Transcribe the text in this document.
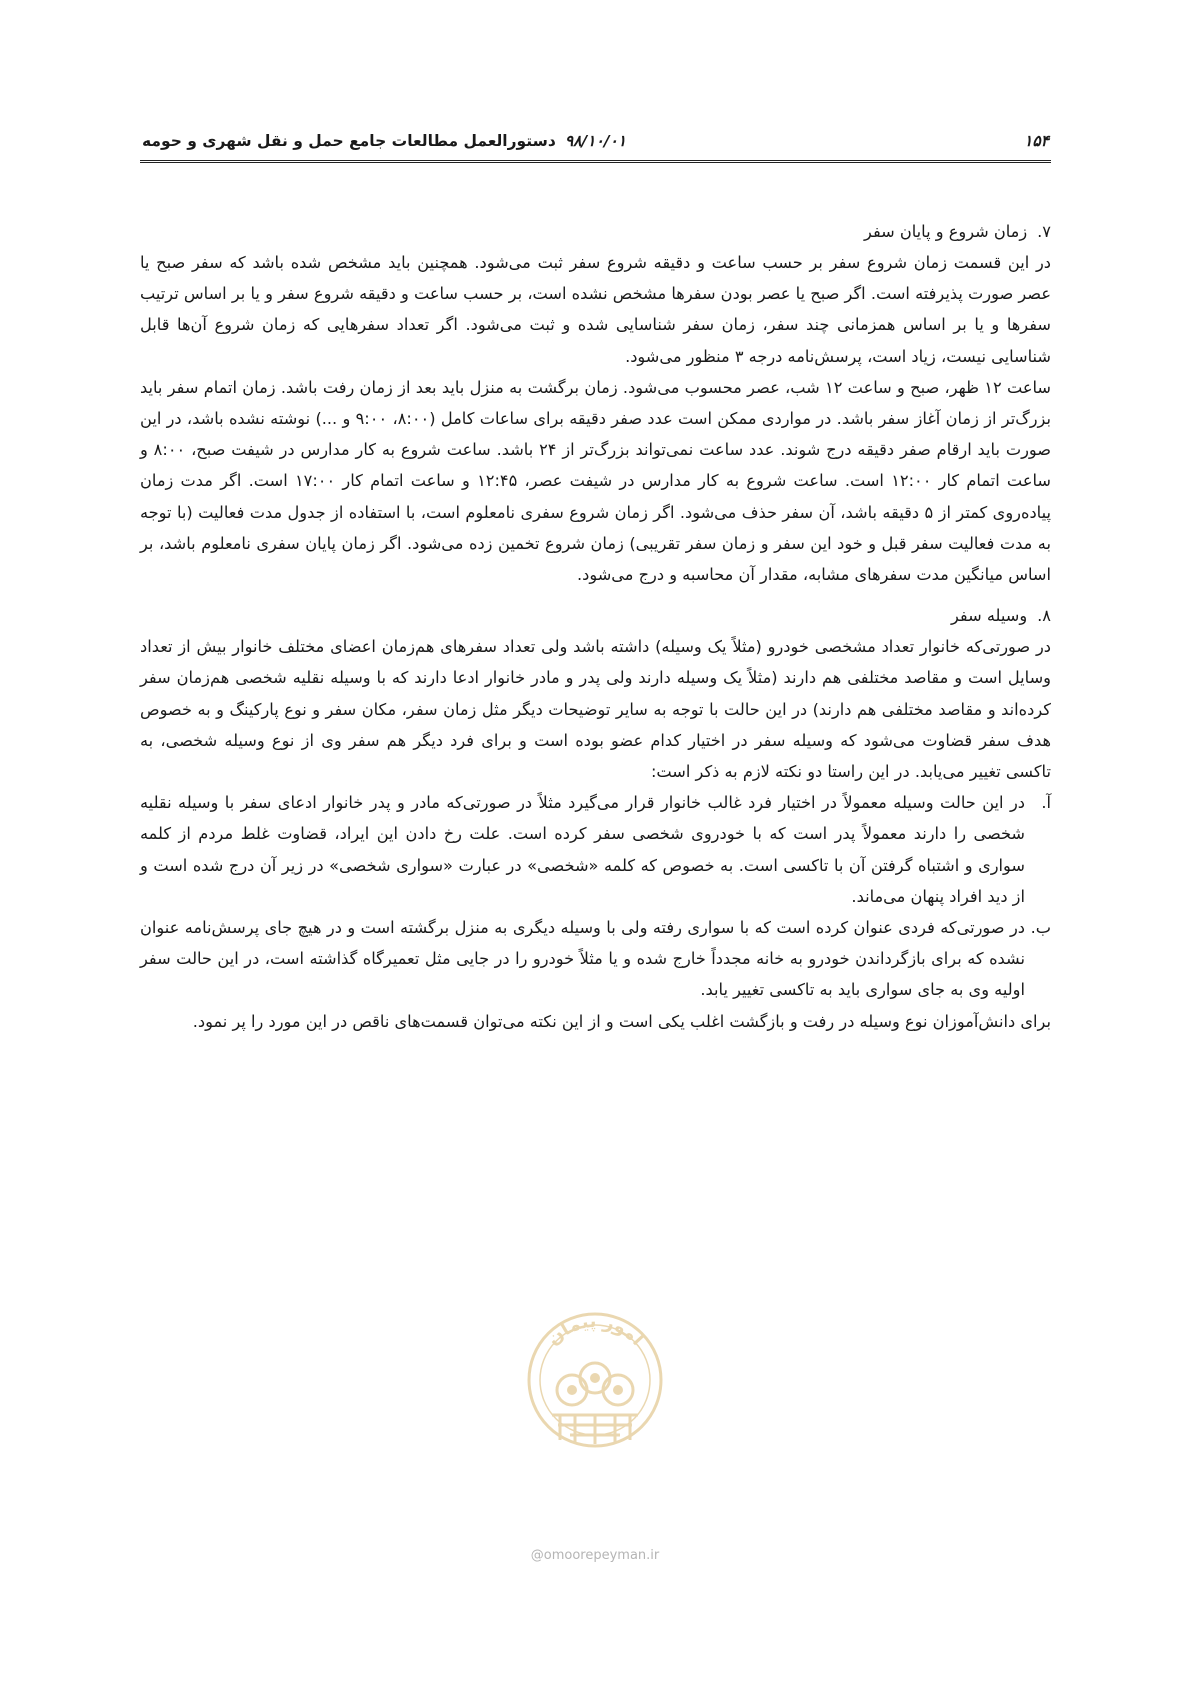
۱۵۴
۹۸/۱۰/۰۱
دستورالعمل مطالعات جامع حمل و نقل شهری و حومه
۷.زمان شروع و پایان سفر

در این قسمت زمان شروع سفر بر حسب ساعت و دقیقه شروع سفر ثبت می‌شود. همچنین باید مشخص شده باشد که سفر صبح یا عصر صورت پذیرفته است. اگر صبح یا عصر بودن سفرها مشخص نشده است، بر حسب ساعت و دقیقه شروع سفر و یا بر اساس ترتیب سفرها و یا بر اساس همزمانی چند سفر، زمان سفر شناسایی شده و ثبت می‌شود. اگر تعداد سفرهایی که زمان شروع آن‌ها قابل شناسایی نیست، زیاد است، پرسش‌نامه درجه ۳ منظور می‌شود.

ساعت ۱۲ ظهر، صبح و ساعت ۱۲ شب، عصر محسوب می‌شود. زمان برگشت به منزل باید بعد از زمان رفت باشد. زمان اتمام سفر باید بزرگ‌تر از زمان آغاز سفر باشد. در مواردی ممکن است عدد صفر دقیقه برای ساعات کامل (۸:۰۰، ۹:۰۰ و ...) نوشته نشده باشد، در این صورت باید ارقام صفر دقیقه درج شوند. عدد ساعت نمی‌تواند بزرگ‌تر از ۲۴ باشد. ساعت شروع به کار مدارس در شیفت صبح، ۸:۰۰ و ساعت اتمام کار ۱۲:۰۰ است. ساعت شروع به کار مدارس در شیفت عصر، ۱۲:۴۵ و ساعت اتمام کار ۱۷:۰۰ است. اگر مدت زمان پیاده‌روی کمتر از ۵ دقیقه باشد، آن سفر حذف می‌شود. اگر زمان شروع سفری نامعلوم است، با استفاده از جدول مدت فعالیت (با توجه به مدت فعالیت سفر قبل و خود این سفر و زمان سفر تقریبی) زمان شروع تخمین زده می‌شود. اگر زمان پایان سفری نامعلوم باشد، بر اساس میانگین مدت سفرهای مشابه، مقدار آن محاسبه و درج می‌شود.

۸.وسیله سفر

در صورتی‌که خانوار تعداد مشخصی خودرو (مثلاً یک وسیله) داشته باشد ولی تعداد سفرهای هم‌زمان اعضای مختلف خانوار بیش از تعداد وسایل است و مقاصد مختلفی هم دارند (مثلاً یک وسیله دارند ولی پدر و مادر خانوار ادعا دارند که با وسیله نقلیه شخصی هم‌زمان سفر کرده‌اند و مقاصد مختلفی هم دارند) در این حالت با توجه به سایر توضیحات دیگر مثل زمان سفر، مکان سفر و نوع پارکینگ و به خصوص هدف سفر قضاوت می‌شود که وسیله سفر در اختیار کدام عضو بوده است و برای فرد دیگر هم سفر وی از نوع وسیله شخصی، به تاکسی تغییر می‌یابد. در این راستا دو نکته لازم به ذکر است:

آ.در این حالت وسیله معمولاً در اختیار فرد غالب خانوار قرار می‌گیرد مثلاً در صورتی‌که مادر و پدر خانوار ادعای سفر با وسیله نقلیه شخصی را دارند معمولاً پدر است که با خودروی شخصی سفر کرده است. علت رخ دادن این ایراد، قضاوت غلط مردم از کلمه سواری و اشتباه گرفتن آن با تاکسی است. به خصوص که کلمه «شخصی» در عبارت «سواری شخصی» در زیر آن درج شده است و از دید افراد پنهان می‌ماند.

ب.در صورتی‌که فردی عنوان کرده است که با سواری رفته ولی با وسیله دیگری به منزل برگشته است و در هیچ جای پرسش‌نامه عنوان نشده که برای بازگرداندن خودرو به خانه مجدداً خارج شده و یا مثلاً خودرو را در جایی مثل تعمیرگاه گذاشته است، در این حالت سفر اولیه وی به جای سواری باید به تاکسی تغییر یابد.

برای دانش‌آموزان نوع وسیله در رفت و بازگشت اغلب یکی است و از این نکته می‌توان قسمت‌های ناقص در این مورد را پر نمود.

امور پیمان
@omoorepeyman.ir
